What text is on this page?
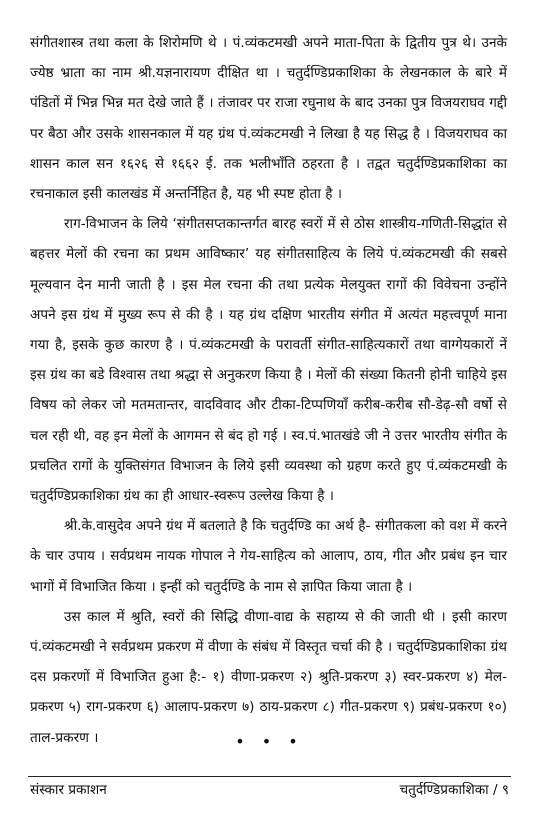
संगीतशास्त्र तथा कला के शिरोमणि थे । पं.व्यंकटमखी अपने माता-पिता के द्वितीय पुत्र थे। उनके ज्येष्ठ भ्राता का नाम श्री.यज्ञनारायण दीक्षित था । चतुर्दण्डिप्रकाशिका के लेखनकाल के बारे में पंडितों में भिन्न भिन्न मत देखे जाते हैं । तंजावर पर राजा रघुनाथ के बाद उनका पुत्र विजयराघव गद्दी पर बैठा और उसके शासनकाल में यह ग्रंथ पं.व्यंकटमखी ने लिखा है यह सिद्ध है । विजयराघव का शासन काल सन १६२६ से १६६२ ई. तक भलीभाँति ठहरता है । तद्वत चतुर्दण्डिप्रकाशिका का रचनाकाल इसी कालखंड में अन्तर्निहित है, यह भी स्पष्ट होता है ।

राग-विभाजन के लिये ‘संगीतसप्तकान्तर्गत बारह स्वरों में से ठोस शास्त्रीय-गणिती-सिद्धांत से बहत्तर मेलों की रचना का प्रथम आविष्कार’ यह संगीतसाहित्य के लिये पं.व्यंकटमखी की सबसे मूल्यवान देन मानी जाती है । इस मेल रचना की तथा प्रत्येक मेलयुक्त रागों की विवेचना उन्होंने अपने इस ग्रंथ में मुख्य रूप से की है । यह ग्रंथ दक्षिण भारतीय संगीत में अत्यंत महत्त्वपूर्ण माना गया है, इसके कुछ कारण है । पं.व्यंकटमखी के परावर्ती संगीत-साहित्यकारों तथा वाग्गेयकारों नें इस ग्रंथ का बडे विश्वास तथा श्रद्धा से अनुकरण किया है । मेलों की संख्या कितनी होनी चाहिये इस विषय को लेकर जो मतमतान्तर, वादविवाद और टीका-टिप्पणियाँ करीब-करीब सौ-डेढ़-सौ वर्षो से चल रही थी, वह इन मेलों के आगमन से बंद हो गई । स्व.पं.भातखंडे जी ने उत्तर भारतीय संगीत के प्रचलित रागों के युक्तिसंगत विभाजन के लिये इसी व्यवस्था को ग्रहण करते हुए पं.व्यंकटमखी के चतुर्दण्डिप्रकाशिका ग्रंथ का ही आधार-स्वरूप उल्लेख किया है ।

श्री.के.वासुदेव अपने ग्रंथ में बतलाते है कि चतुर्दण्डि का अर्थ है- संगीतकला को वश में करने के चार उपाय । सर्वप्रथम नायक गोपाल ने गेय-साहित्य को आलाप, ठाय, गीत और प्रबंध इन चार भागों में विभाजित किया । इन्हीं को चतुर्दण्डि के नाम से ज्ञापित किया जाता है ।

उस काल में श्रुति, स्वरों की सिद्धि वीणा-वाद्य के सहाय्य से की जाती थी । इसी कारण पं.व्यंकटमखी ने सर्वप्रथम प्रकरण में वीणा के संबंध में विस्तृत चर्चा की है । चतुर्दण्डिप्रकाशिका ग्रंथ दस प्रकरणों में विभाजित हुआ है:- १) वीणा-प्रकरण २) श्रुति-प्रकरण ३) स्वर-प्रकरण ४) मेल-प्रकरण ५) राग-प्रकरण ६) आलाप-प्रकरण ७) ठाय-प्रकरण ८) गीत-प्रकरण ९) प्रबंध-प्रकरण १०) ताल-प्रकरण ।	• • •
संस्कार प्रकाशन	चतुर्दण्डिप्रकाशिका / ९
